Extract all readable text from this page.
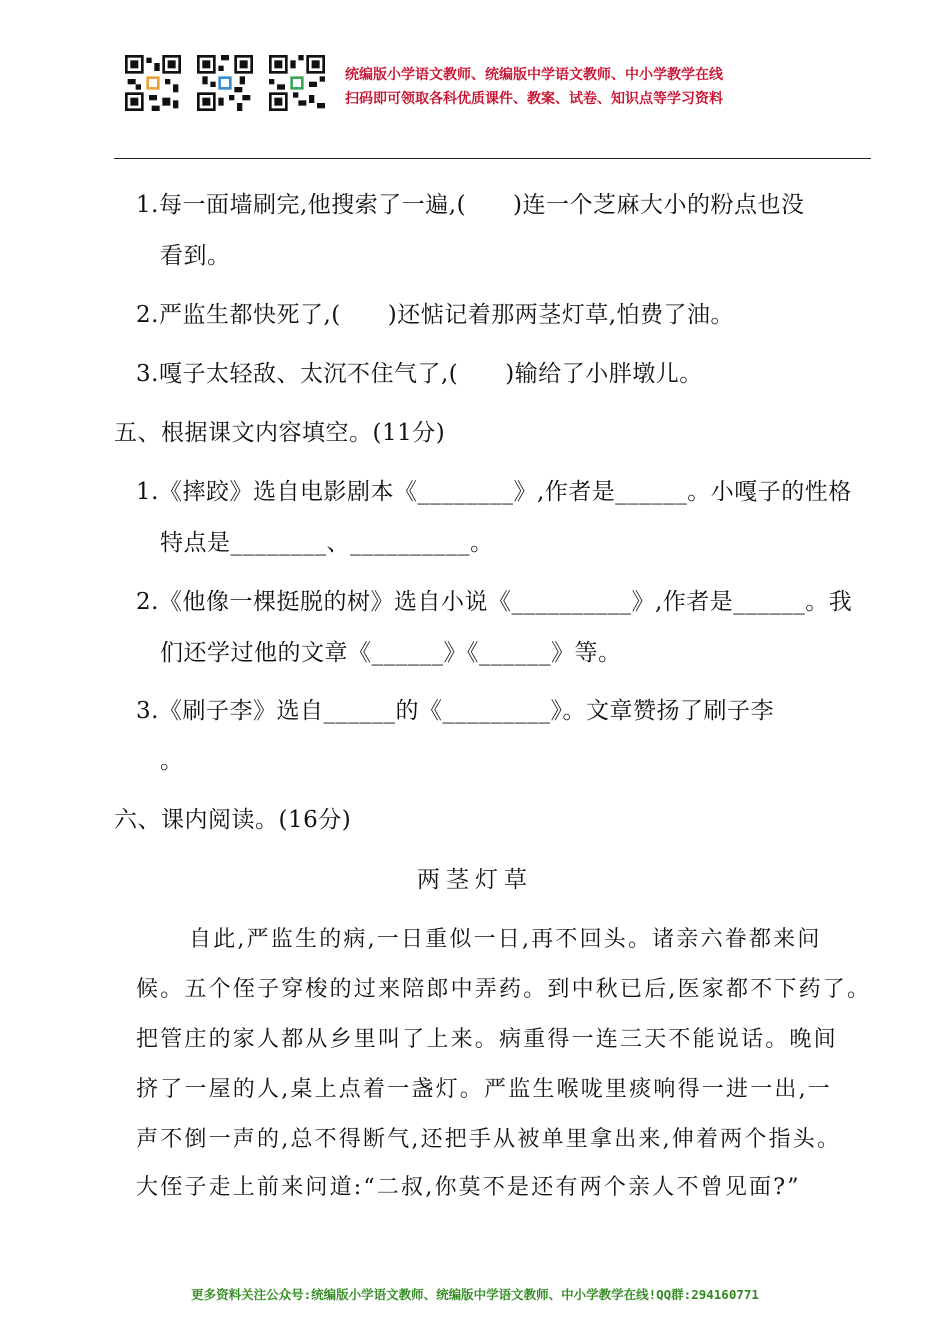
统编版小学语文教师、统编版中学语文教师、中小学教学在线
扫码即可领取各科优质课件、教案、试卷、知识点等学习资料
1.每一面墙刷完,他搜索了一遍,(　　)连一个芝麻大小的粉点也没
看到。
2.严监生都快死了,(　　)还惦记着那两茎灯草,怕费了油。
3.嘎子太轻敌、太沉不住气了,(　　)输给了小胖墩儿。
五、根据课文内容填空。(11分)
1.《摔跤》选自电影剧本《________》,作者是______。小嘎子的性格
特点是________、__________。
2.《他像一棵挺脱的树》选自小说《__________》,作者是______。我
们还学过他的文章《______》《______》等。
3.《刷子李》选自______的《_________》。文章赞扬了刷子李
。
六、课内阅读。(16分)
两茎灯草
自此,严监生的病,一日重似一日,再不回头。诸亲六眷都来问
候。五个侄子穿梭的过来陪郎中弄药。到中秋已后,医家都不下药了。
把管庄的家人都从乡里叫了上来。病重得一连三天不能说话。晚间
挤了一屋的人,桌上点着一盏灯。严监生喉咙里痰响得一进一出,一
声不倒一声的,总不得断气,还把手从被单里拿出来,伸着两个指头。
大侄子走上前来问道:“二叔,你莫不是还有两个亲人不曾见面?”
更多资料关注公众号:统编版小学语文教师、统编版中学语文教师、中小学教学在线!QQ群:294160771
